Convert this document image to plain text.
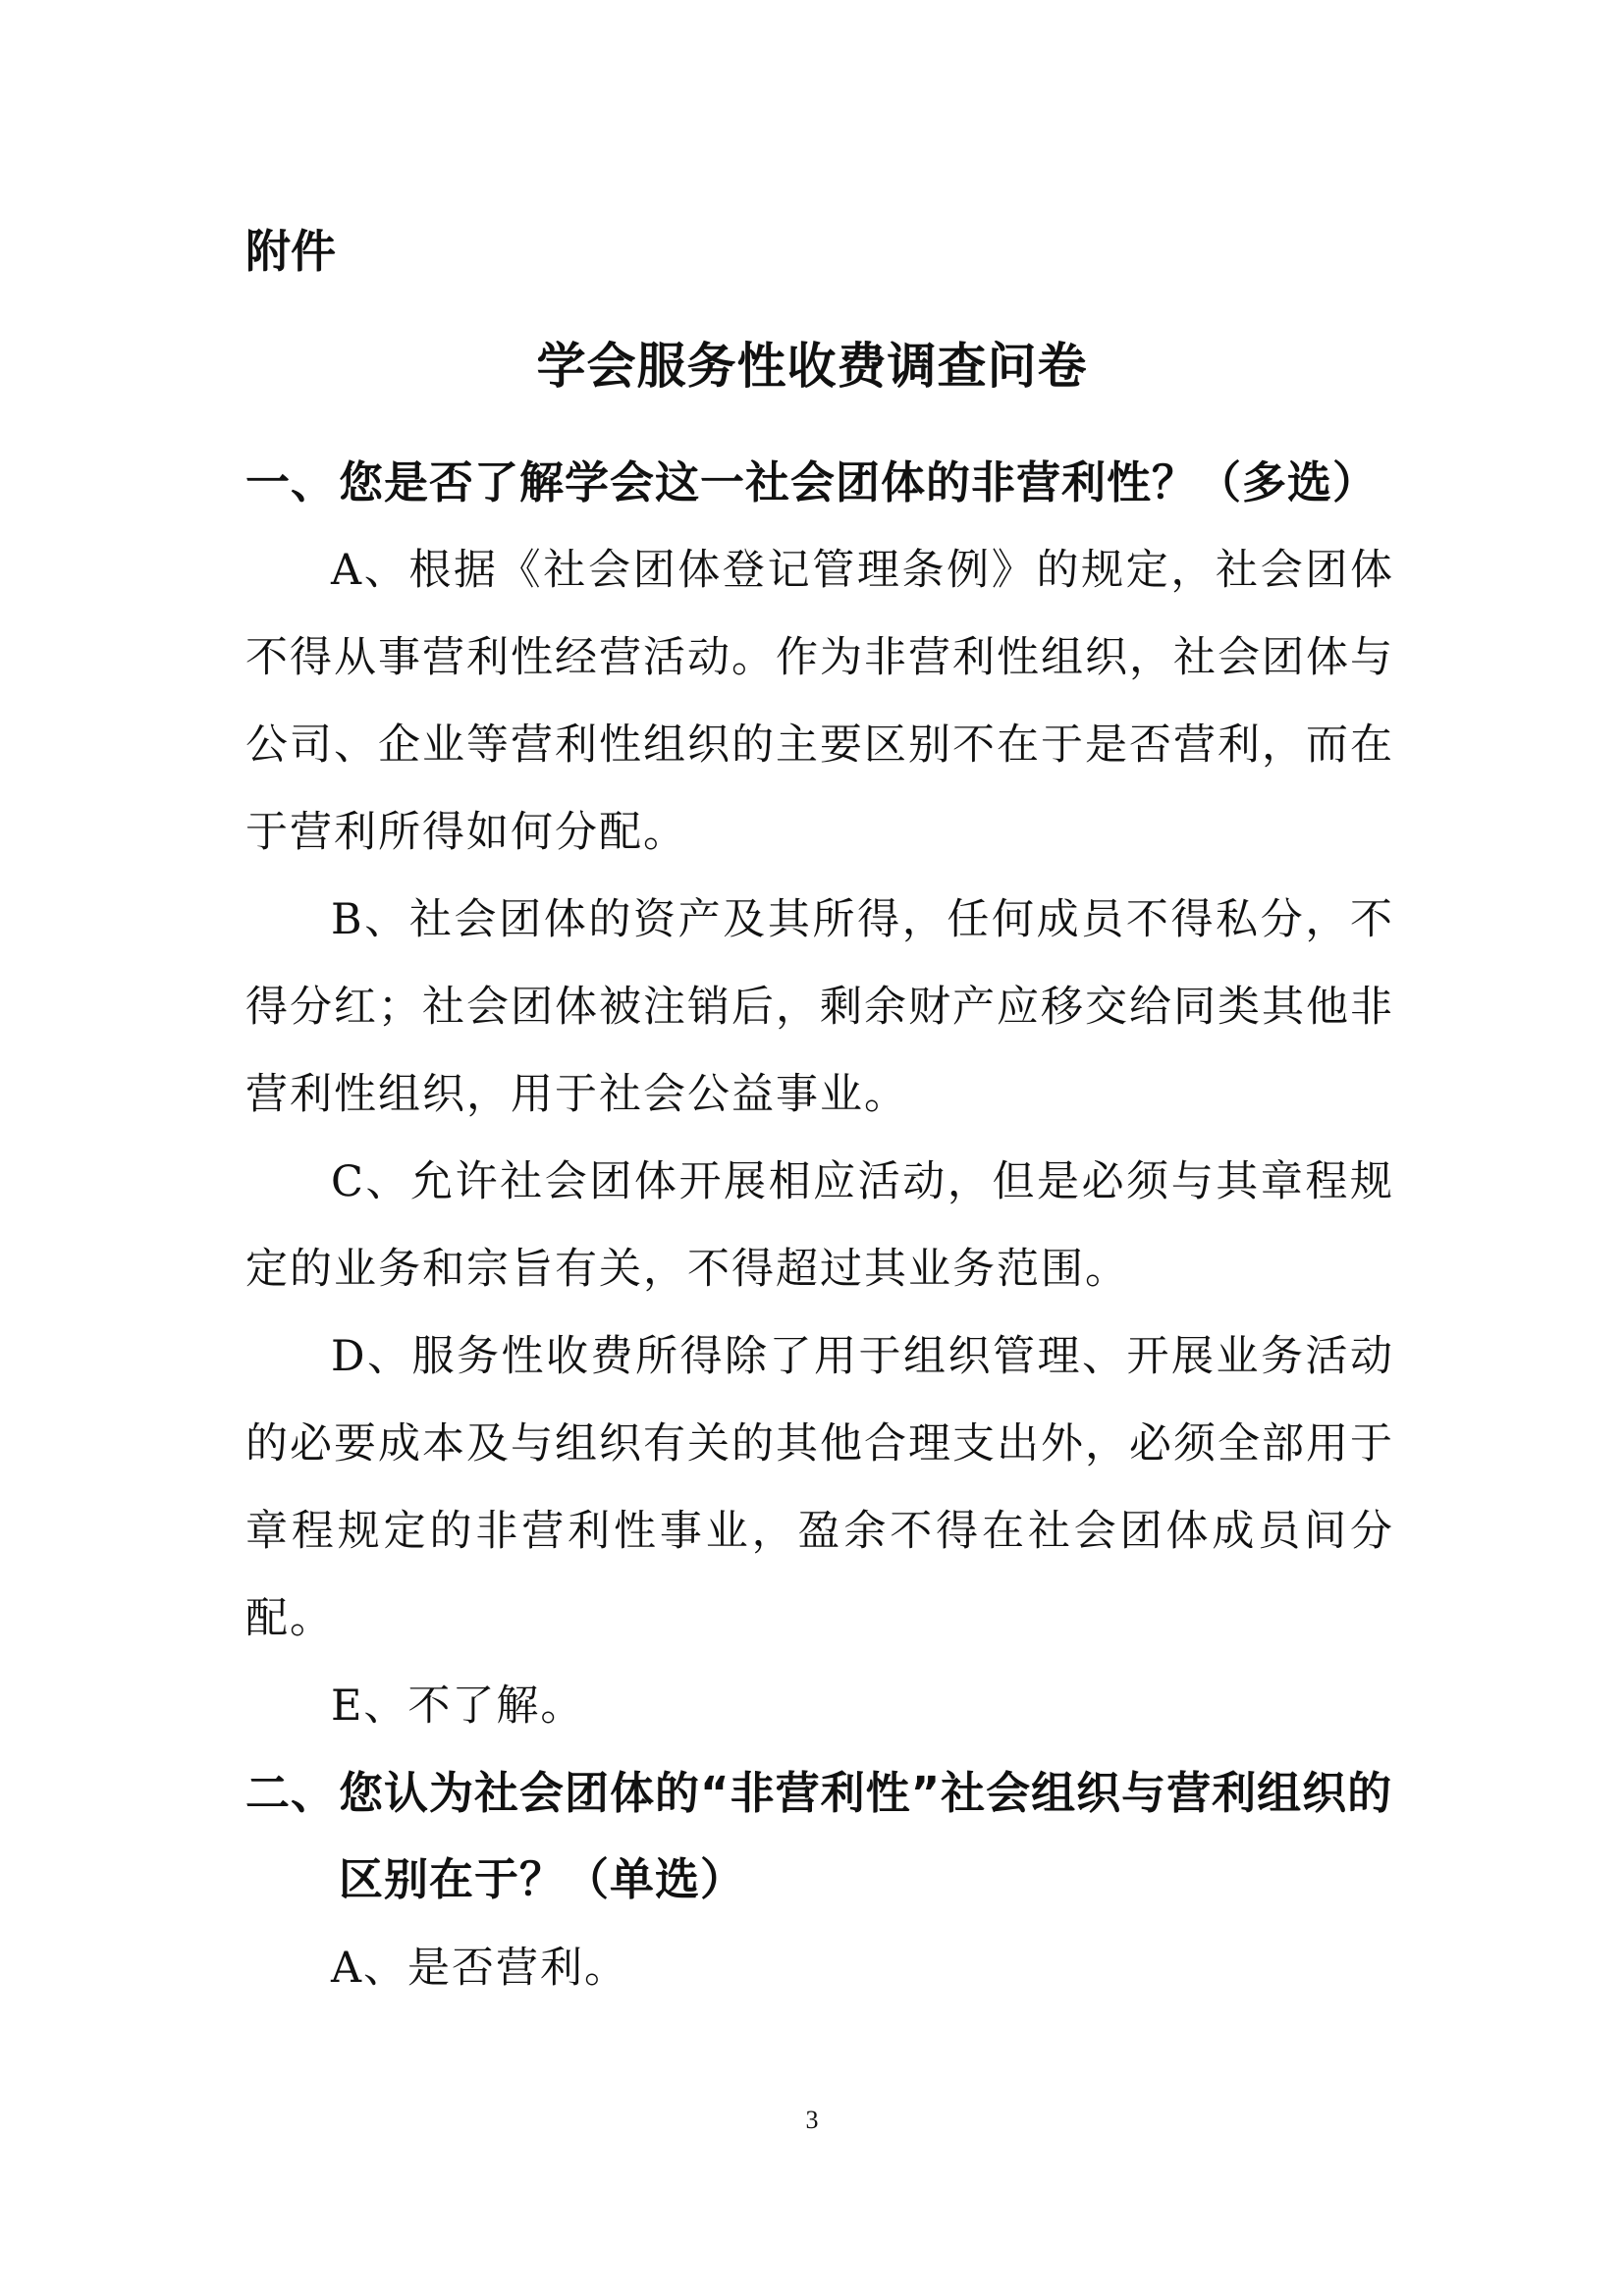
附件
学会服务性收费调查问卷
一、您是否了解学会这一社会团体的非营利性？（多选）

A、根据《社会团体登记管理条例》的规定，社会团体不得从事营利性经营活动。作为非营利性组织，社会团体与公司、企业等营利性组织的主要区别不在于是否营利，而在于营利所得如何分配。

B、社会团体的资产及其所得，任何成员不得私分，不得分红；社会团体被注销后，剩余财产应移交给同类其他非营利性组织，用于社会公益事业。

C、允许社会团体开展相应活动，但是必须与其章程规定的业务和宗旨有关，不得超过其业务范围。

D、服务性收费所得除了用于组织管理、开展业务活动的必要成本及与组织有关的其他合理支出外，必须全部用于章程规定的非营利性事业，盈余不得在社会团体成员间分配。

E、不了解。

二、您认为社会团体的“非营利性”社会组织与营利组织的
区别在于？（单选）

A、是否营利。

3
